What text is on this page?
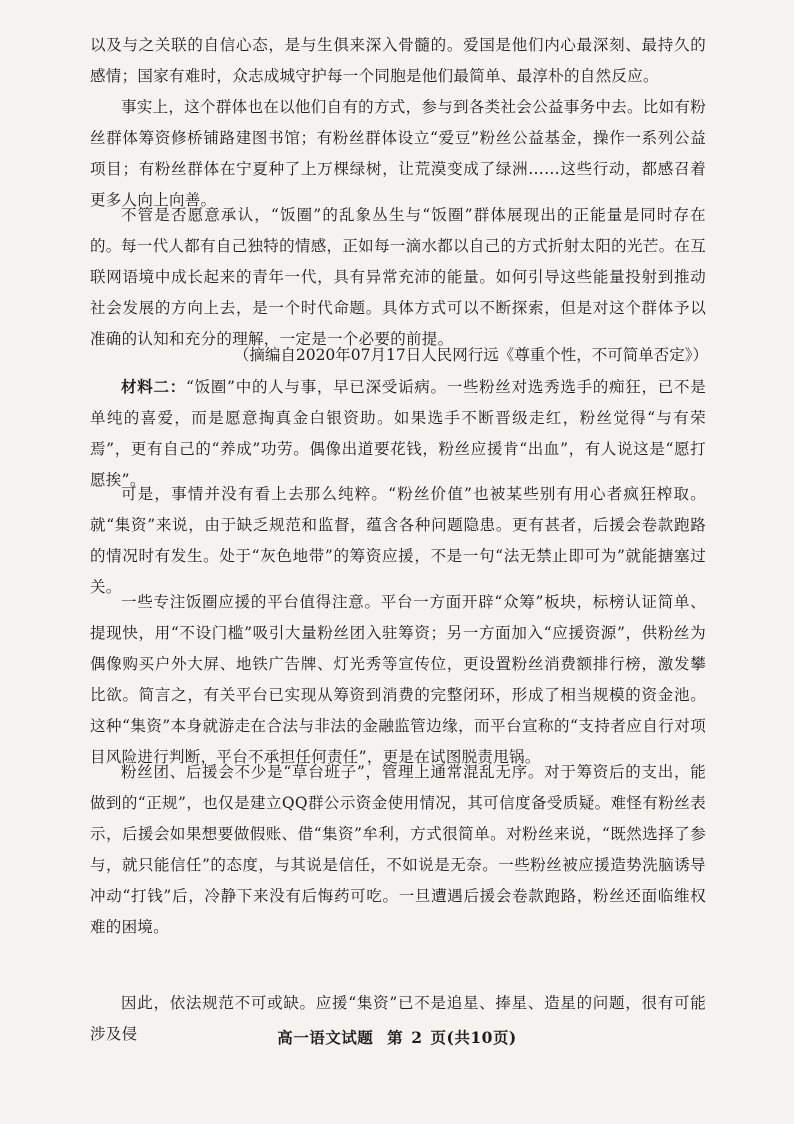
以及与之关联的自信心态，是与生俱来深入骨髓的。爱国是他们内心最深刻、最持久的感情；国家有难时，众志成城守护每一个同胞是他们最简单、最淳朴的自然反应。

事实上，这个群体也在以他们自有的方式，参与到各类社会公益事务中去。比如有粉丝群体筹资修桥铺路建图书馆；有粉丝群体设立“爱豆”粉丝公益基金，操作一系列公益项目；有粉丝群体在宁夏种了上万棵绿树，让荒漠变成了绿洲……这些行动，都感召着更多人向上向善。

不管是否愿意承认，“饭圈”的乱象丛生与“饭圈”群体展现出的正能量是同时存在的。 每一代人都有自己独特的情感，正如每一滴水都以自己的方式折射太阳的光芒。在互联网语境中成长起来的青年一代，具有异常充沛的能量。如何引导这些能量投射到推动社会发展的方向上去，是一个时代命题。具体方式可以不断探索，但是对这个群体予以准确的认知和充分的理解，一定是一个必要的前提。

（摘编自2020年07月17日人民网行远《尊重个性，不可简单否定》）

材料二：“饭圈”中的人与事，早已深受诟病。一些粉丝对选秀选手的痴狂，已不是单纯的喜爱，而是愿意掏真金白银资助。如果选手不断晋级走红，粉丝觉得“与有荣焉”，更有自己的“养成”功劳。偶像出道要花钱，粉丝应援肯“出血”，有人说这是“愿打愿挨”。

可是，事情并没有看上去那么纯粹。“粉丝价值”也被某些别有用心者疯狂榨取。就“集资”来说，由于缺乏规范和监督，蕴含各种问题隐患。更有甚者，后援会卷款跑路的情况时有发生。处于“灰色地带”的筹资应援，不是一句“法无禁止即可为”就能搪塞过关。

一些专注饭圈应援的平台值得注意。平台一方面开辟“众筹”板块，标榜认证简单、提现快，用“不设门槛”吸引大量粉丝团入驻筹资；另一方面加入“应援资源”，供粉丝为偶像购买户外大屏、地铁广告牌、灯光秀等宣传位，更设置粉丝消费额排行榜，激发攀比欲。简言之，有关平台已实现从筹资到消费的完整闭环，形成了相当规模的资金池。这种“集资”本身就游走在合法与非法的金融监管边缘，而平台宣称的“支持者应自行对项目风险进行判断，平台不承担任何责任”，更是在试图脱责甩锅。

粉丝团、后援会不少是“草台班子”，管理上通常混乱无序。对于筹资后的支出，能做到的“正规”，也仅是建立QQ群公示资金使用情况，其可信度备受质疑。难怪有粉丝表示，后援会如果想要做假账、借“集资”牟利，方式很简单。对粉丝来说，“既然选择了参与，就只能信任”的态度，与其说是信任，不如说是无奈。一些粉丝被应援造势洗脑诱导冲动“打钱”后，冷静下来没有后悔药可吃。一旦遭遇后援会卷款跑路，粉丝还面临维权难的困境。

因此，依法规范不可或缺。应援“集资”已不是追星、捧星、造星的问题，很有可能涉及侵	高一语文试题 第 2 页(共10页)
